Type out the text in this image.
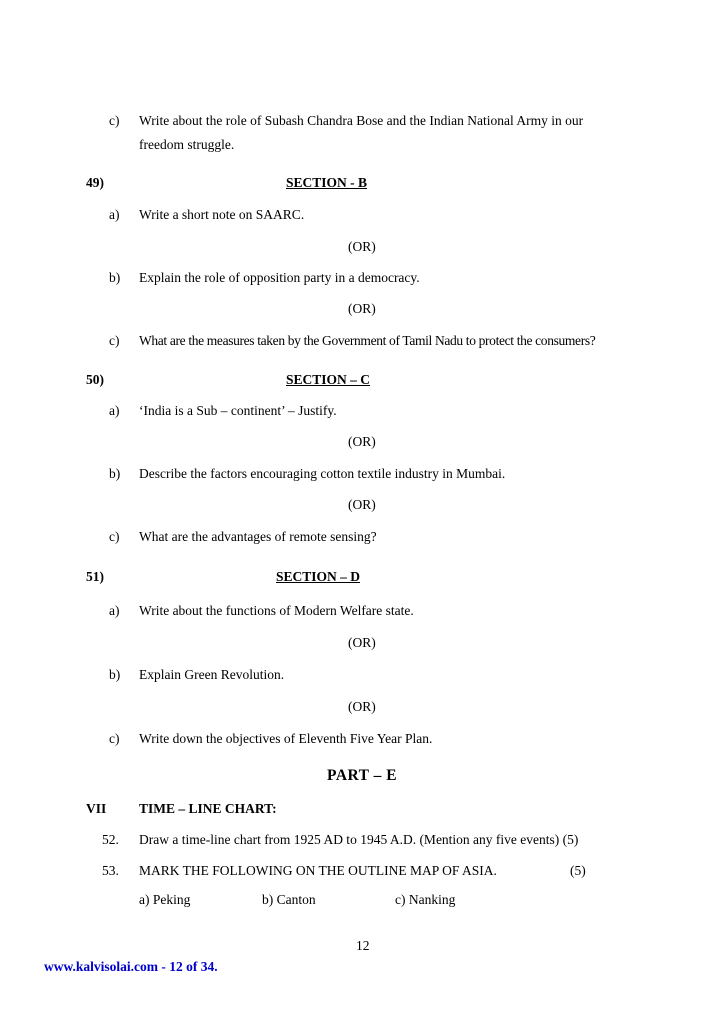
c) Write about the role of Subash Chandra Bose and the Indian National Army in our
freedom struggle.
49)	SECTION - B
a) Write a short note on SAARC.
(OR)
b) Explain the role of opposition party in a democracy.
(OR)
c) What are the measures taken by the Government of Tamil Nadu to protect the consumers?
50)	SECTION – C
a) ‘India is a Sub – continent’ – Justify.
(OR)
b) Describe the factors encouraging cotton textile industry in Mumbai.
(OR)
c) What are the advantages of remote sensing?
51)	SECTION – D
a) Write about the functions of Modern Welfare state.
(OR)
b) Explain Green Revolution.
(OR)
c) Write down the objectives of Eleventh Five Year Plan.
PART – E
VII TIME – LINE CHART:
52. Draw a time-line chart from 1925 AD to 1945 A.D. (Mention any five events) (5)
53. MARK THE FOLLOWING ON THE OUTLINE MAP OF ASIA.	(5)
a) Peking	b) Canton	c) Nanking
12
www.kalvisolai.com - 12 of 34.
